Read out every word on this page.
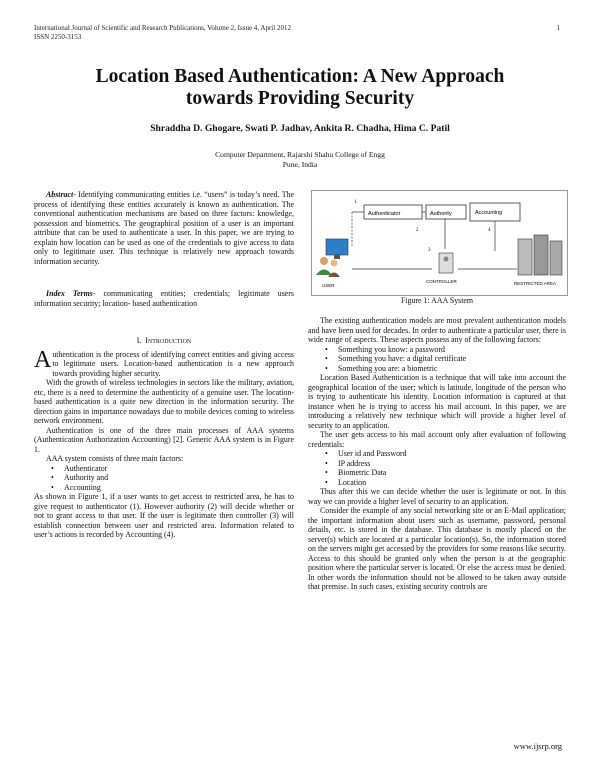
International Journal of Scientific and Research Publications, Volume 2, Issue 4, April 2012
ISSN 2250-3153
1
Location Based Authentication: A New Approach
towards Providing Security
Shraddha D. Ghogare, Swati P. Jadhav, Ankita R. Chadha, Hima C. Patil
Computer Department, Rajarshi Shahu College of Engg
Pune, India

Abstract- Identifying communicating entities i.e. “users” is today’s need. The process of identifying these entities accurately is known as authentication. The conventional authentication mechanisms are based on three factors: knowledge, possession and biometrics. The geographical position of a user is an important attribute that can be used to authenticate a user. In this paper, we are trying to explain how location can be used as one of the credentials to give access to data only to legitimate user. This technique is relatively new approach towards information security.

Index Terms- communicating entities; credentials; legitimate users information security; location- based authentication

I. Introduction

Authentication is the process of identifying correct entities and giving access to legitimate users. Location-based authentication is a new approach towards providing higher security.

With the growth of wireless technologies in sectors like the military, aviation, etc, there is a need to determine the authenticity of a genuine user. The location-based authentication is a quite new direction in the information security. The direction gains in importance nowadays due to mobile devices coming to wireless network environment.

Authentication is one of the three main processes of AAA systems (Authentication Authorization Accounting) [2]. Generic AAA system is in Figure 1.

AAA system consists of three main factors:

• Authenticator
• Authority and
• Accounting

As shown in Figure 1, if a user wants to get access to restricted area, he has to give request to authenticator (1). However authority (2) will decide whether or not to grant access to that user. If the user is legitimate then controller (3) will establish connection between user and restricted area. Information related to user’s actions is recorded by Accounting (4).

Authenticator	Authority	Accounting
1
2
3
4
USER
CONTROLLER	RESTRICTED AREA
Figure 1: AAA System

The existing authentication models are most prevalent authentication models and have been used for decades. In order to authenticate a particular user, there is wide range of aspects. These aspects possess any of the following factors:

• Something you know: a password
• Something you have: a digital certificate
• Something you are: a biometric

Location Based Authentication is a technique that will take into account the geographical location of the user; which is latitude, longitude of the person who is trying to authenticate his identity. Location information is captured at that instance when he is trying to access his mail account. In this paper, we are introducing a relatively new technique which will provide a higher level of security to an application.

The user gets access to his mail account only after evaluation of following credentials:

• User id and Password
• IP address
• Biometric Data
• Location

Thus after this we can decide whether the user is legitimate or not. In this way we can provide a higher level of security to an application.

Consider the example of any social networking site or an E-Mail application; the important information about users such as username, password, personal details, etc. is stored in the database. This database is mostly placed on the server(s) which are located at a particular location(s). So, the information stored on the servers might get accessed by the providers for some reasons like security. Access to this should be granted only when the person is at the geographic position where the particular server is located. Or else the access must be denied. In other words the information should not be allowed to be taken away outside that premise. In such cases, existing security controls are

www.ijsrp.org
